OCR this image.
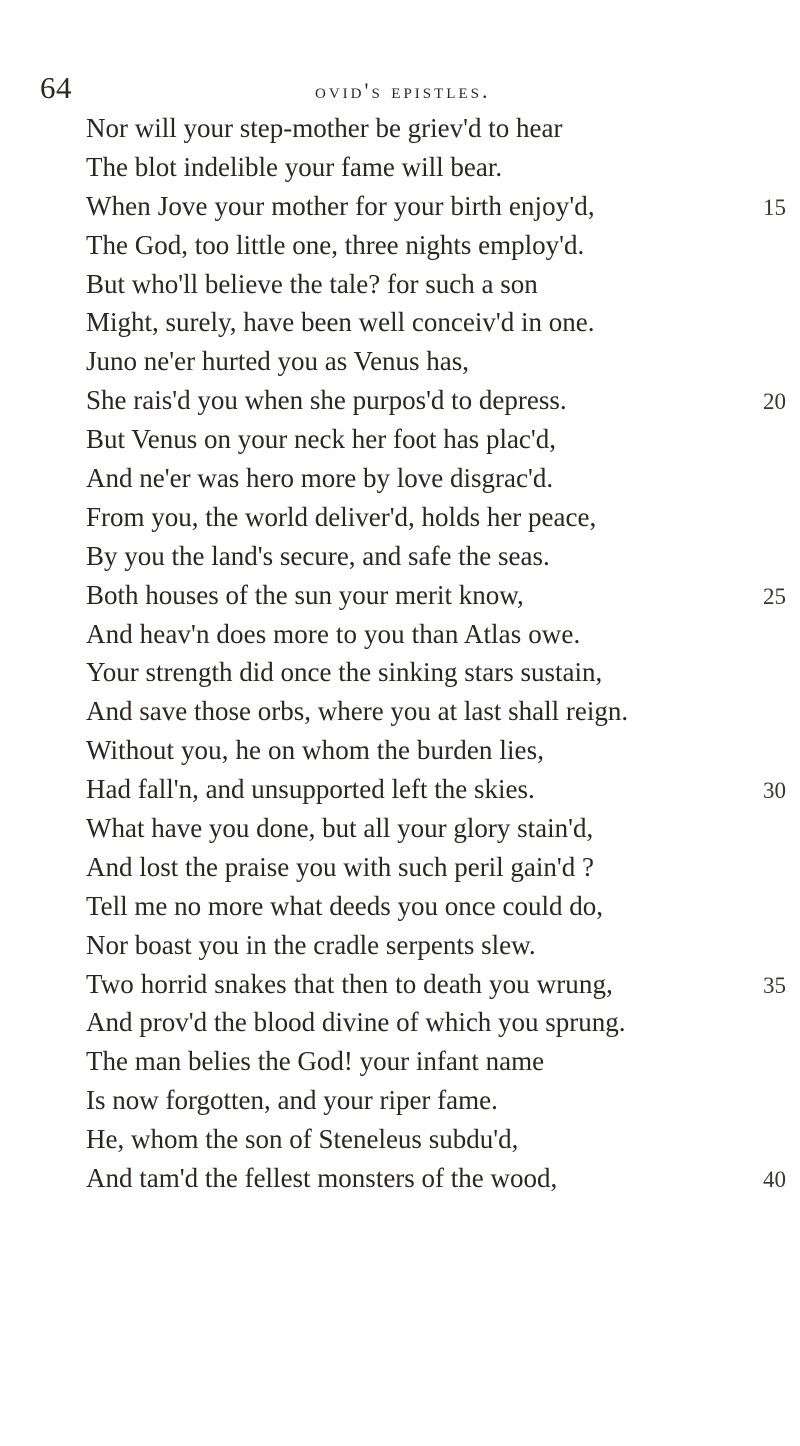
64	ovid's epistles.
Nor will your step-mother be griev'd to hear
The blot indelible your fame will bear.
When Jove your mother for your birth enjoy'd,	15
The God, too little one, three nights employ'd.
But who'll believe the tale? for such a son
Might, surely, have been well conceiv'd in one.
Juno ne'er hurted you as Venus has,
She rais'd you when she purpos'd to depress.	20
But Venus on your neck her foot has plac'd,
And ne'er was hero more by love disgrac'd.
From you, the world deliver'd, holds her peace,
By you the land's secure, and safe the seas.
Both houses of the sun your merit know,	25
And heav'n does more to you than Atlas owe.
Your strength did once the sinking stars sustain,
And save those orbs, where you at last shall reign.
Without you, he on whom the burden lies,
Had fall'n, and unsupported left the skies.	30
What have you done, but all your glory stain'd,
And lost the praise you with such peril gain'd ?
Tell me no more what deeds you once could do,
Nor boast you in the cradle serpents slew.
Two horrid snakes that then to death you wrung,	35
And prov'd the blood divine of which you sprung.
The man belies the God! your infant name
Is now forgotten, and your riper fame.
He, whom the son of Steneleus subdu'd,
And tam'd the fellest monsters of the wood,	40
